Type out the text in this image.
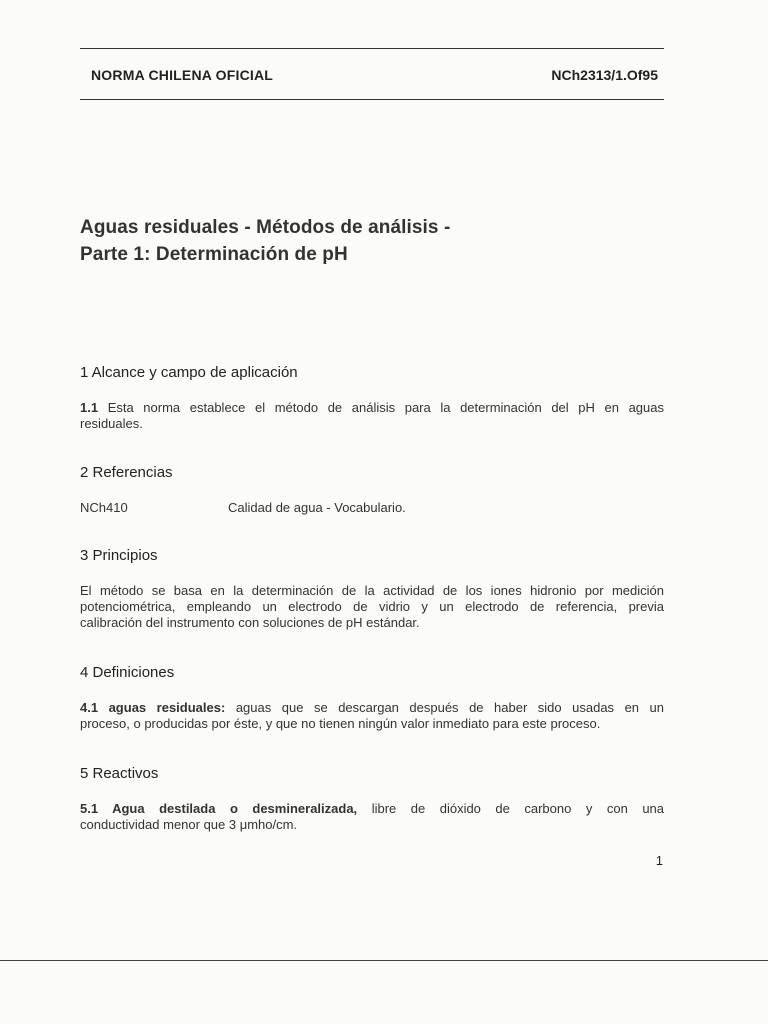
NORMA CHILENA OFICIAL	NCh2313/1.Of95
Aguas residuales - Métodos de análisis -
Parte 1: Determinación de pH
1 Alcance y campo de aplicación
1.1 Esta norma establece el método de análisis para la determinación del pH en aguas
residuales.
2 Referencias
NCh410	Calidad de agua - Vocabulario.
3 Principios
El método se basa en la determinación de la actividad de los iones hidronio por medición
potenciométrica, empleando un electrodo de vidrio y un electrodo de referencia, previa
calibración del instrumento con soluciones de pH estándar.
4 Definiciones
4.1 aguas residuales: aguas que se descargan después de haber sido usadas en un
proceso, o producidas por éste, y que no tienen ningún valor inmediato para este proceso.
5 Reactivos
5.1 Agua destilada o desmineralizada, libre de dióxido de carbono y con una
conductividad menor que 3 μmho/cm.
1
